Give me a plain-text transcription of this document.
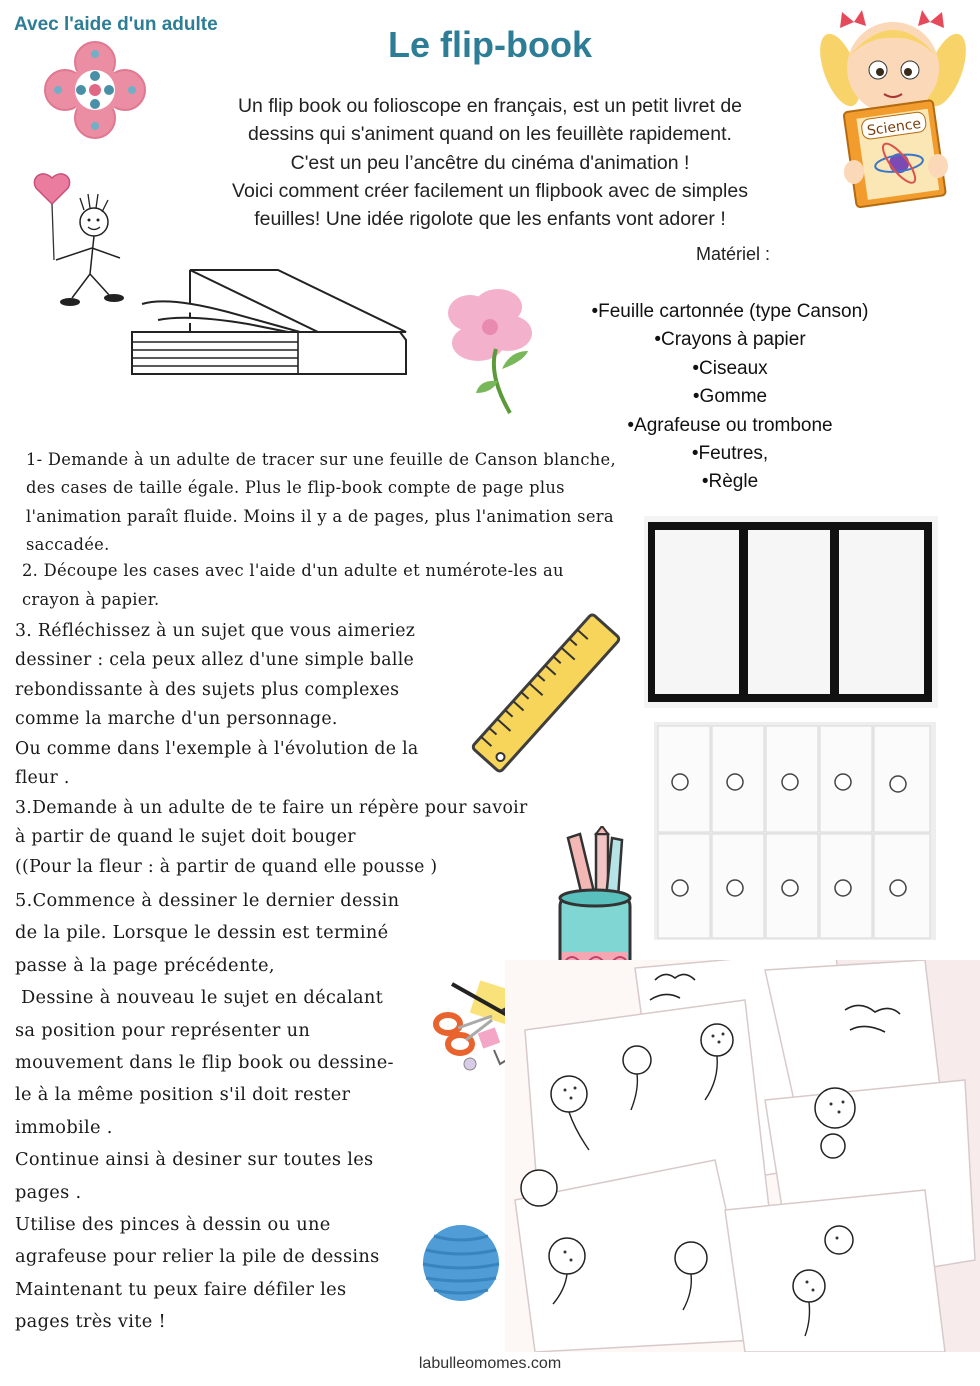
Avec l'aide d'un adulte	Le flip-book
Un flip book ou folioscope en français, est un petit livret de
dessins qui s'animent quand on les feuillète rapidement.
C'est un peu l’ancêtre du cinéma d'animation !
Voici comment créer facilement un flipbook avec de simples
feuilles! Une idée rigolote que les enfants vont adorer !
Matériel :
•Feuille cartonnée (type Canson)
•Crayons à papier
•Ciseaux
•Gomme
•Agrafeuse ou trombone
•Feutres,
•Règle
1- Demande à un adulte de tracer sur une feuille de Canson blanche,
des cases de taille égale. Plus le flip-book compte de page plus
l'animation paraît fluide. Moins il y a de pages, plus l'animation sera
saccadée.
2. Découpe les cases avec l'aide d'un adulte et numérote-les au
crayon à papier.
3. Réfléchissez à un sujet que vous aimeriez
dessiner : cela peux allez d'une simple balle
rebondissante à des sujets plus complexes
comme la marche d'un personnage.
Ou comme dans l'exemple à l'évolution de la
fleur .
3.Demande à un adulte de te faire un répère pour savoir
à partir de quand le sujet doit bouger
((Pour la fleur : à partir de quand elle pousse )
5.Commence à dessiner le dernier dessin
de la pile. Lorsque le dessin est terminé
passe à la page précédente,
Dessine à nouveau le sujet en décalant
sa position pour représenter un
mouvement dans le flip book ou dessine-
le à la même position s'il doit rester
immobile .
Continue ainsi à desiner sur toutes les
pages .
Utilise des pinces à dessin ou une
agrafeuse pour relier la pile de dessins
Maintenant tu peux faire défiler les
pages très vite !
labulleomomes.com
Science
